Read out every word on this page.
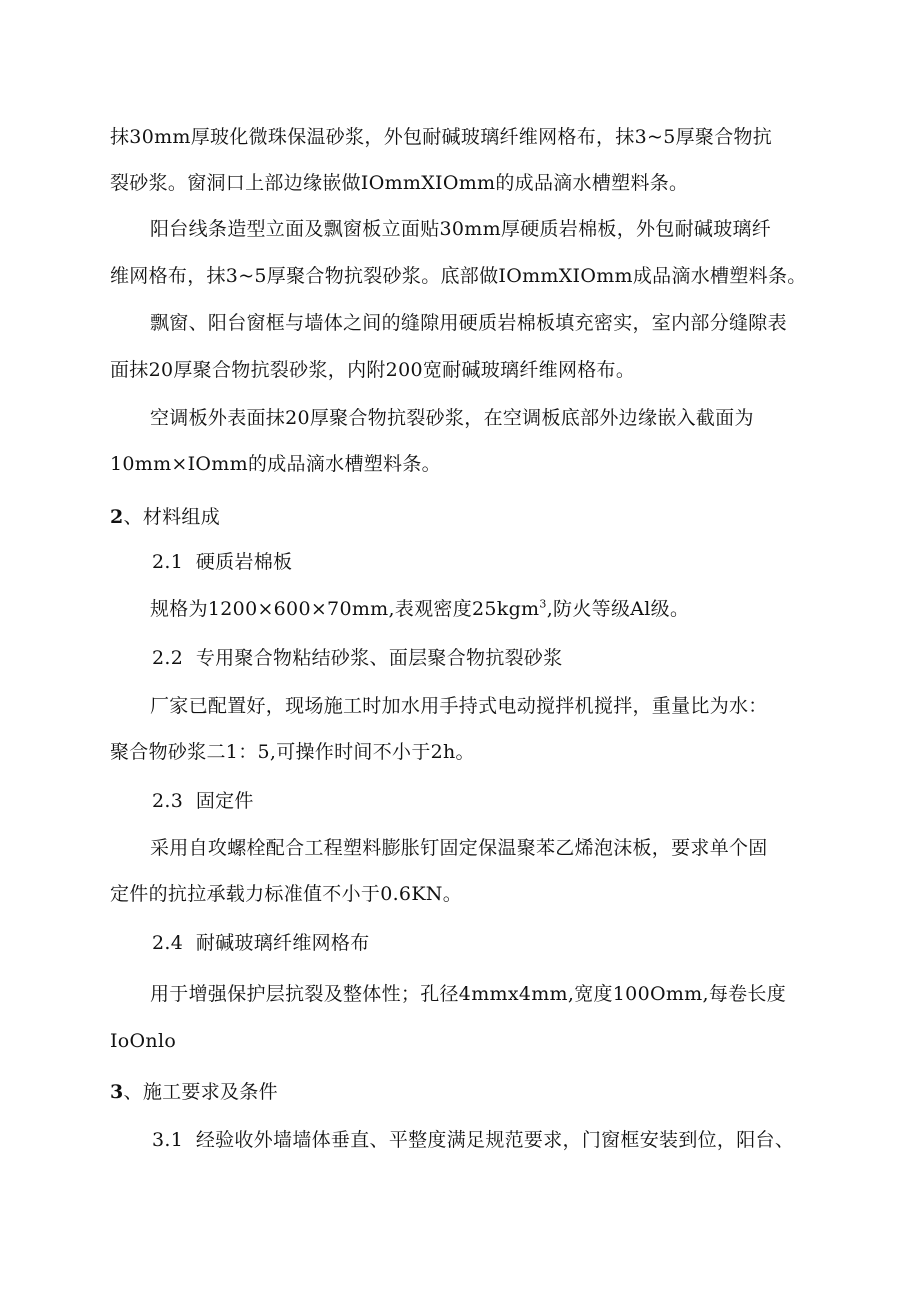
抹30mm厚玻化微珠保温砂浆，外包耐碱玻璃纤维网格布，抹3~5厚聚合物抗
裂砂浆。窗洞口上部边缘嵌做IOmmXIOmm的成品滴水槽塑料条。
阳台线条造型立面及飘窗板立面贴30mm厚硬质岩棉板，外包耐碱玻璃纤
维网格布，抹3~5厚聚合物抗裂砂浆。底部做IOmmXIOmm成品滴水槽塑料条。
飘窗、阳台窗框与墙体之间的缝隙用硬质岩棉板填充密实，室内部分缝隙表
面抹20厚聚合物抗裂砂浆，内附200宽耐碱玻璃纤维网格布。
空调板外表面抹20厚聚合物抗裂砂浆，在空调板底部外边缘嵌入截面为
10mm×IOmm的成品滴水槽塑料条。
2、材料组成
2.1 硬质岩棉板
规格为1200×600×70mm,表观密度25kgm$^3$,防火等级Al级。
2.2 专用聚合物粘结砂浆、面层聚合物抗裂砂浆
厂家已配置好，现场施工时加水用手持式电动搅拌机搅拌，重量比为水：
聚合物砂浆二1：5,可操作时间不小于2h。
2.3 固定件
采用自攻螺栓配合工程塑料膨胀钉固定保温聚苯乙烯泡沫板，要求单个固
定件的抗拉承载力标准值不小于0.6KN。
2.4 耐碱玻璃纤维网格布
用于增强保护层抗裂及整体性；孔径4mmx4mm,宽度100Omm,每卷长度
IoOnlo
3、施工要求及条件
3.1 经验收外墙墙体垂直、平整度满足规范要求，门窗框安装到位，阳台、
